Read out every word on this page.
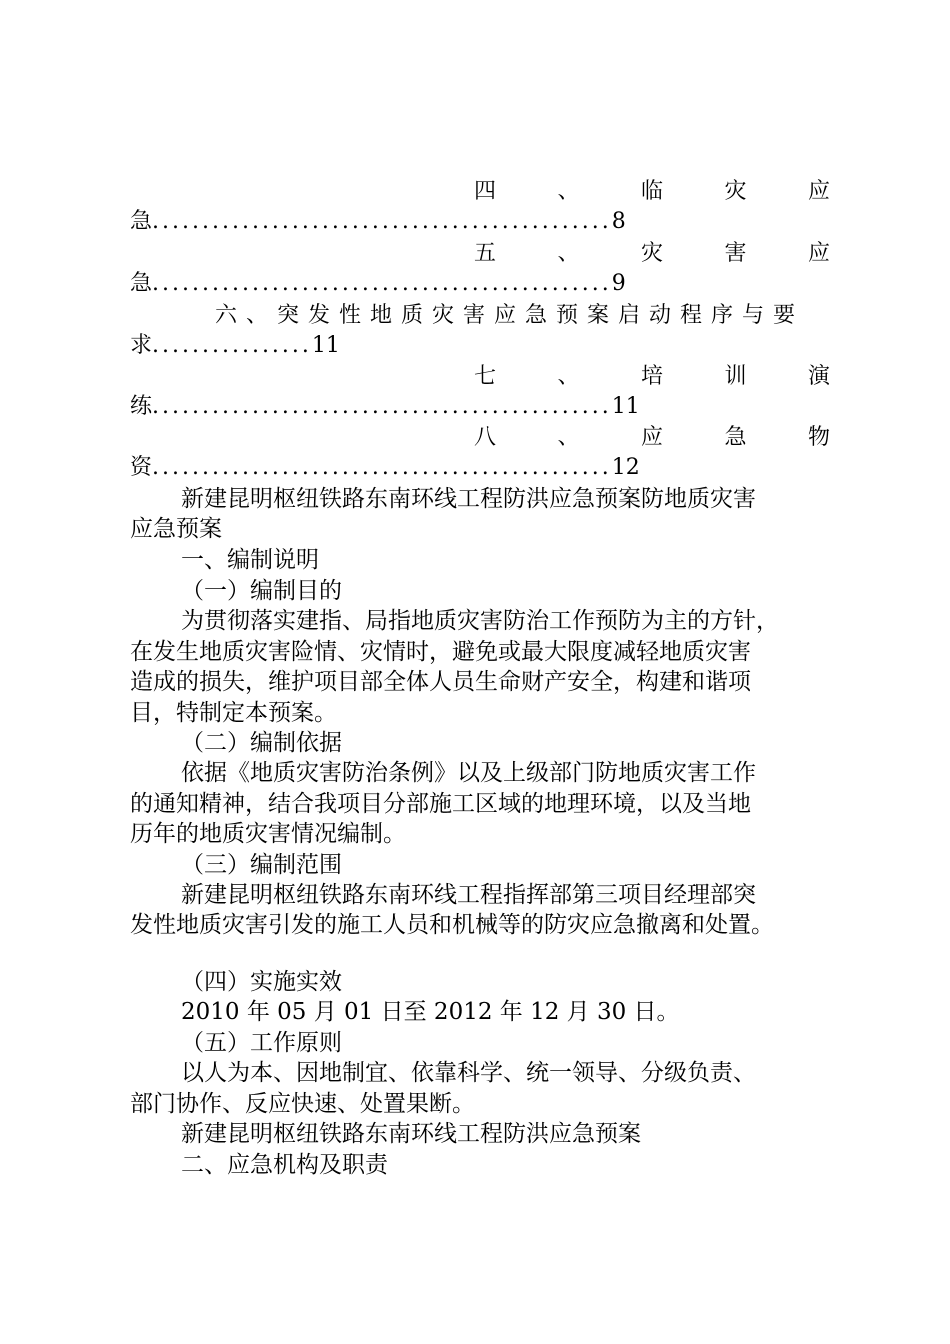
四	、	临	灾	应
急..............................................8
五	、	灾	害	应
急..............................................9
六、突发性地质灾害应急预案启动程序与要
求................11
七	、	培	训	演
练..............................................11
八	、	应	急	物
资..............................................12
新建昆明枢纽铁路东南环线工程防洪应急预案防地质灾害
应急预案
一、编制说明
（一）编制目的
为贯彻落实建指、局指地质灾害防治工作预防为主的方针，
在发生地质灾害险情、灾情时，避免或最大限度减轻地质灾害
造成的损失，维护项目部全体人员生命财产安全，构建和谐项
目，特制定本预案。
（二）编制依据
依据《地质灾害防治条例》以及上级部门防地质灾害工作
的通知精神，结合我项目分部施工区域的地理环境，以及当地
历年的地质灾害情况编制。
（三）编制范围
新建昆明枢纽铁路东南环线工程指挥部第三项目经理部突
发性地质灾害引发的施工人员和机械等的防灾应急撤离和处置。
（四）实施实效
2010 年 05 月 01 日至 2012 年 12 月 30 日。
（五）工作原则
以人为本、因地制宜、依靠科学、统一领导、分级负责、
部门协作、反应快速、处置果断。
新建昆明枢纽铁路东南环线工程防洪应急预案
二、应急机构及职责
